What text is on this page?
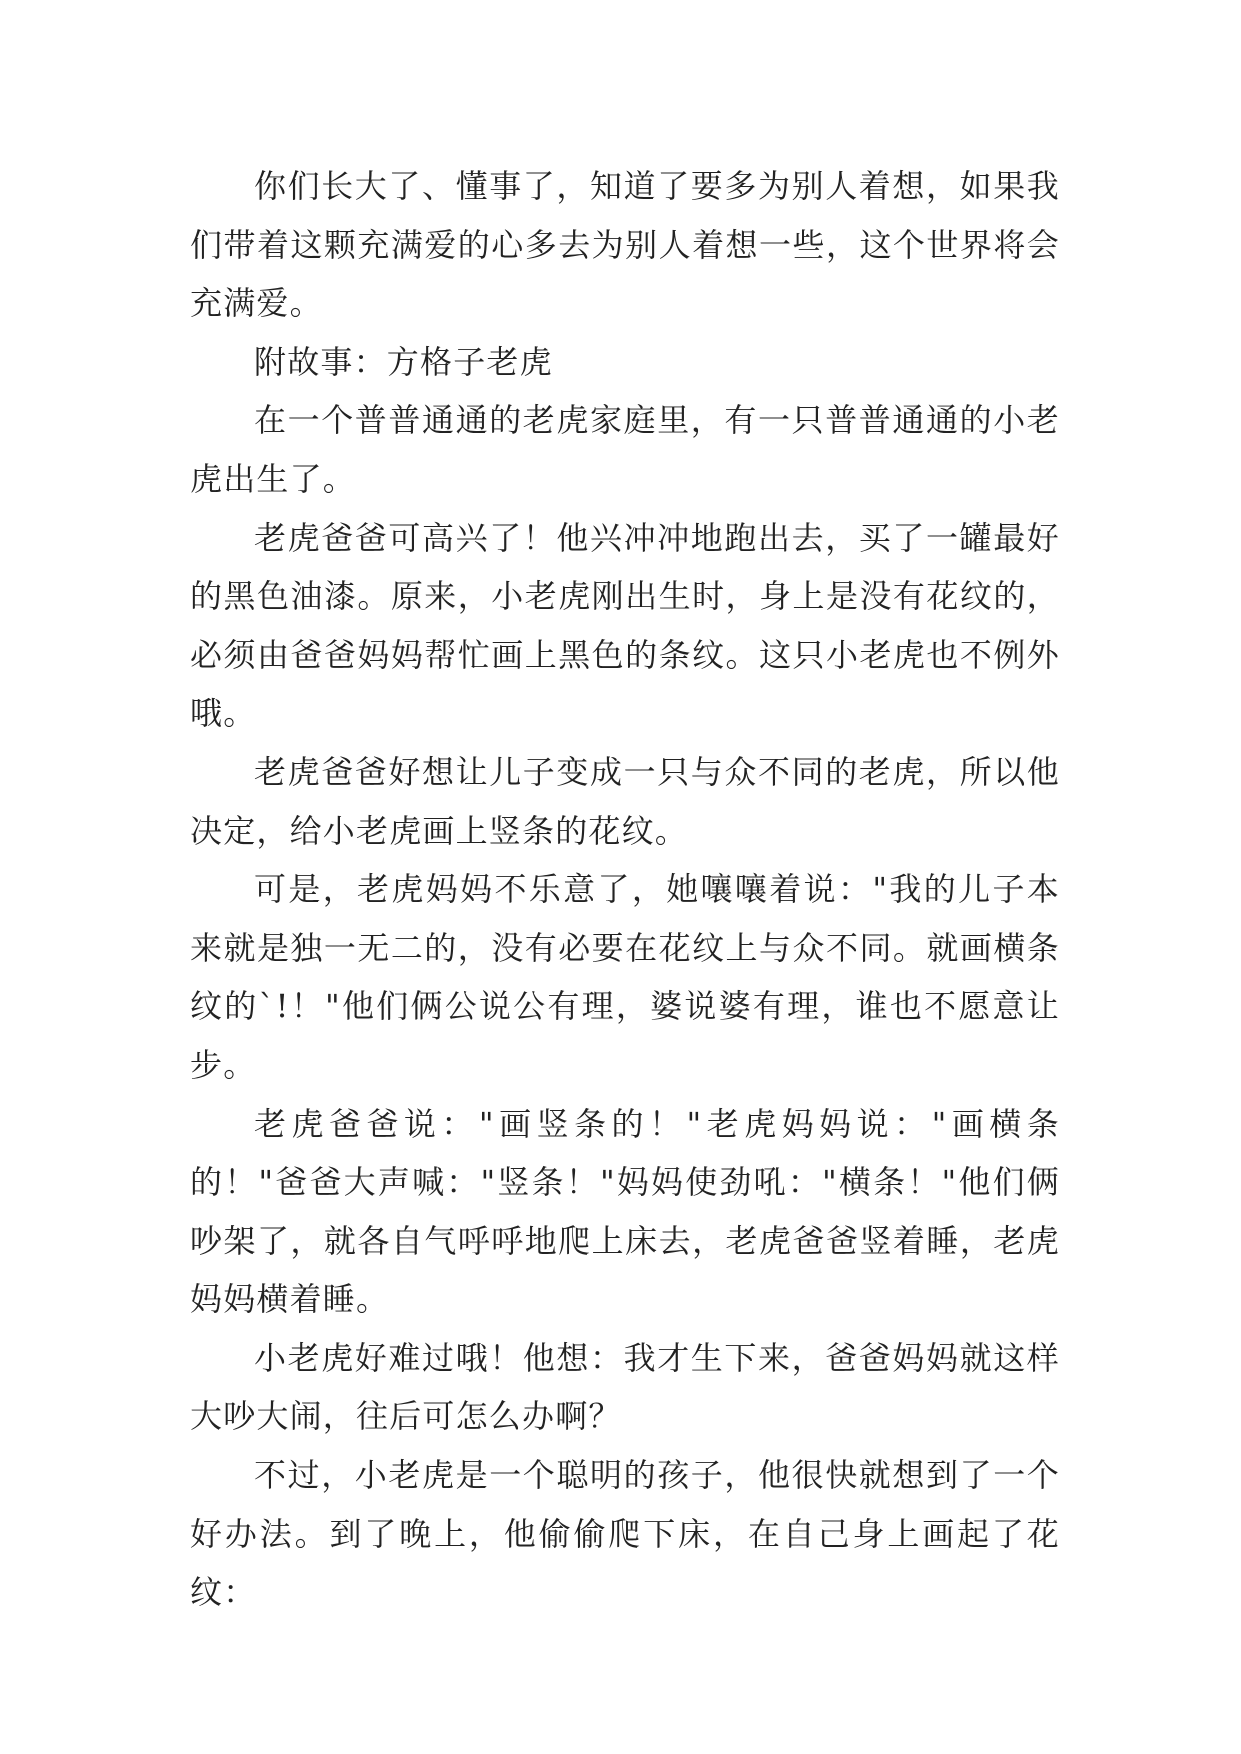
你们长大了、懂事了，知道了要多为别人着想，如果我们带着这颗充满爱的心多去为别人着想一些，这个世界将会充满爱。

附故事：方格子老虎

在一个普普通通的老虎家庭里，有一只普普通通的小老虎出生了。

老虎爸爸可高兴了！他兴冲冲地跑出去，买了一罐最好的黑色油漆。原来，小老虎刚出生时，身上是没有花纹的，必须由爸爸妈妈帮忙画上黑色的条纹。这只小老虎也不例外哦。

老虎爸爸好想让儿子变成一只与众不同的老虎，所以他决定，给小老虎画上竖条的花纹。

可是，老虎妈妈不乐意了，她嚷嚷着说："我的儿子本来就是独一无二的，没有必要在花纹上与众不同。就画横条纹的`!！"他们俩公说公有理，婆说婆有理，谁也不愿意让步。

老虎爸爸说："画竖条的！"老虎妈妈说："画横条的！"爸爸大声喊："竖条！"妈妈使劲吼："横条！"他们俩吵架了，就各自气呼呼地爬上床去，老虎爸爸竖着睡，老虎妈妈横着睡。

小老虎好难过哦！他想：我才生下来，爸爸妈妈就这样大吵大闹，往后可怎么办啊？

不过，小老虎是一个聪明的孩子，他很快就想到了一个好办法。到了晚上，他偷偷爬下床，在自己身上画起了花纹：
